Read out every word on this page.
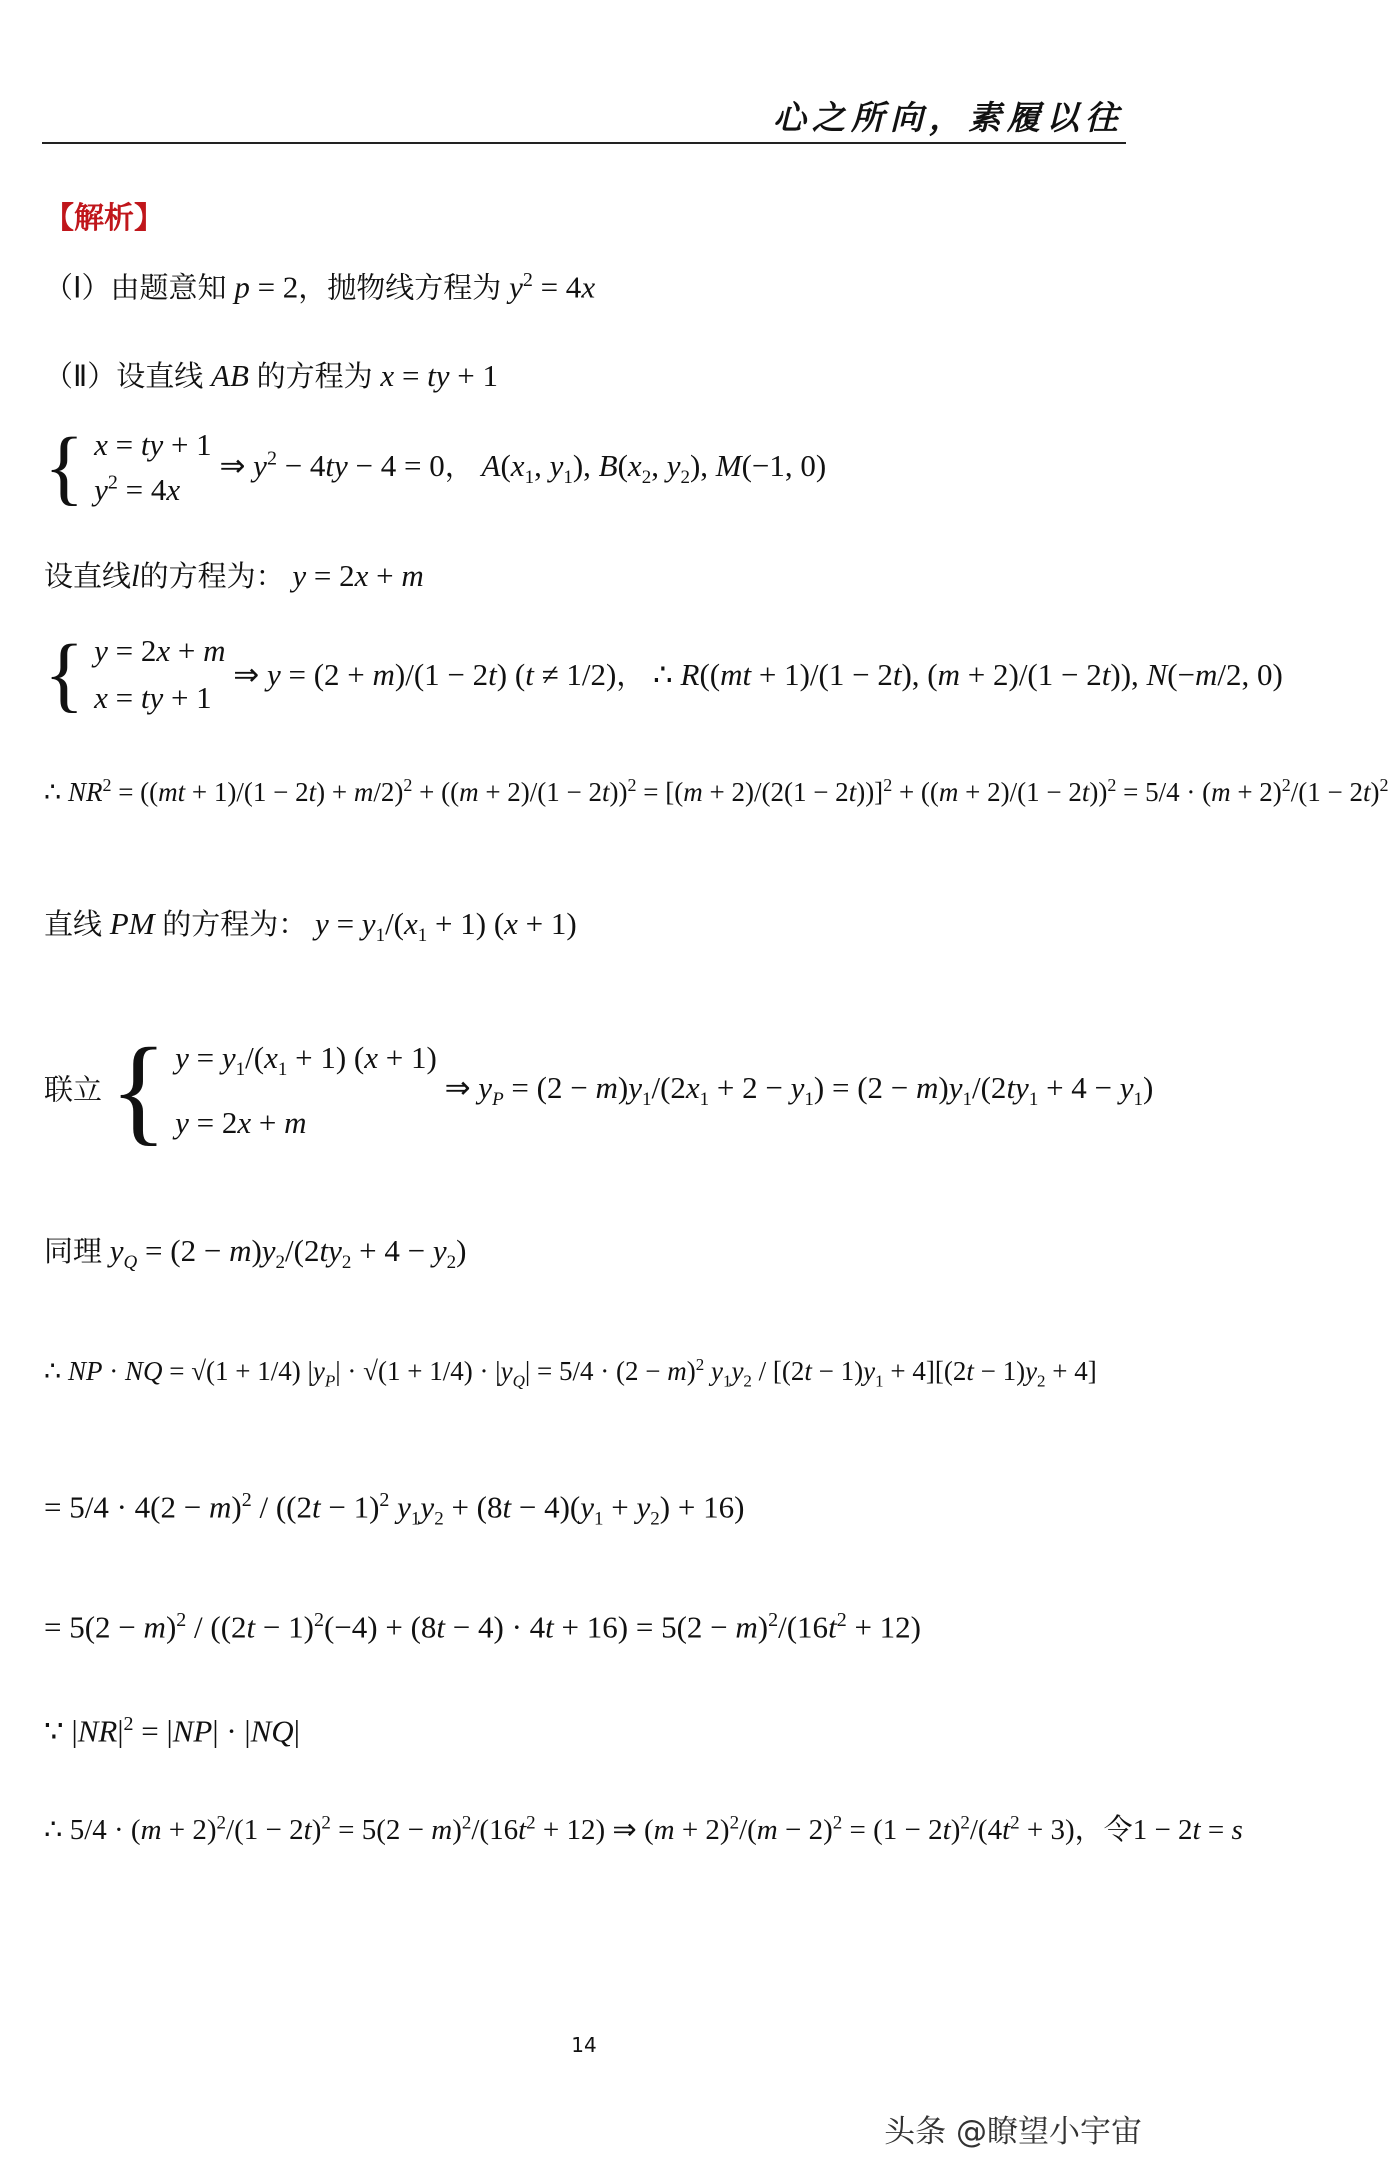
心之所向，素履以往
【解析】
（Ⅰ）由题意知 p = 2，抛物线方程为 $y^2 = 4x$
（Ⅱ）设直线 AB 的方程为 x = ty + 1
{ x = ty + 1
$y^2 = 4x$ ⇒ $y^2 - 4ty - 4 = 0$， $A(x_1$, $y_1$), $B(x_2$, $y_2$), M(−1, 0)
设直线l的方程为： y = 2x + m
{ y = 2x + m
x = ty + 1 ⇒ y = (2 + m)/(1 − 2t) (t ≠ 1/2)， ∴ R((mt + 1)/(1 − 2t), (m + 2)/(1 − 2t)), N(−m/2, 0)
∴ $NR^2 = ((mt + 1)/(1 - 2t) + m/2)^2 + ((m + 2)/(1 - 2t))^2 = [(m + 2)/(2(1 - 2t))]^2 + ((m + 2)/(1 - 2t))^2 = 5/4 \cdot (m + 2)^2/(1 - 2t)^2$
直线 PM 的方程为： $y = y_1/(x_1 + 1) (x + 1)$
联立 { $y = y_1/(x_1 + 1) (x + 1)$
y = 2x + m ⇒ $y_P = (2 - m)y_1/(2x_1 + 2 - y_1) = (2 - m)y_1/(2ty_1 + 4 - y_1)$
同理 $y_Q = (2 - m)y_2/(2ty_2 + 4 - y_2)$
∴ NP · NQ = √(1 + 1/4) $|y_P| \cdot √(1 + 1/4) \cdot |y_Q| = 5/4 \cdot (2 - m)^2$ $y_1y_2 / [(2t - 1)y_1 + 4][(2t - 1)y_2 + 4]$
= $5/4 \cdot 4(2 - m)^2 / ((2t - 1)^2$ $y_1y_2 + (8t - 4)(y_1 + y_2) + 16$)
= $5(2 - m)^2 / ((2t - 1)^2(-4) + (8t - 4) \cdot 4t + 16) = 5(2 - m)^2/(16t^2 + 12)$
∵ $|NR|^2 = |NP| \cdot |NQ|$
∴ $5/4 \cdot (m + 2)^2/(1 - 2t)^2 = 5(2 - m)^2/(16t^2 + 12)$ ⇒ $(m + 2)^2/(m - 2)^2 = (1 - 2t)^2/(4t^2 + 3)$，令1 − 2t = s
14
头条 @瞭望小宇宙
